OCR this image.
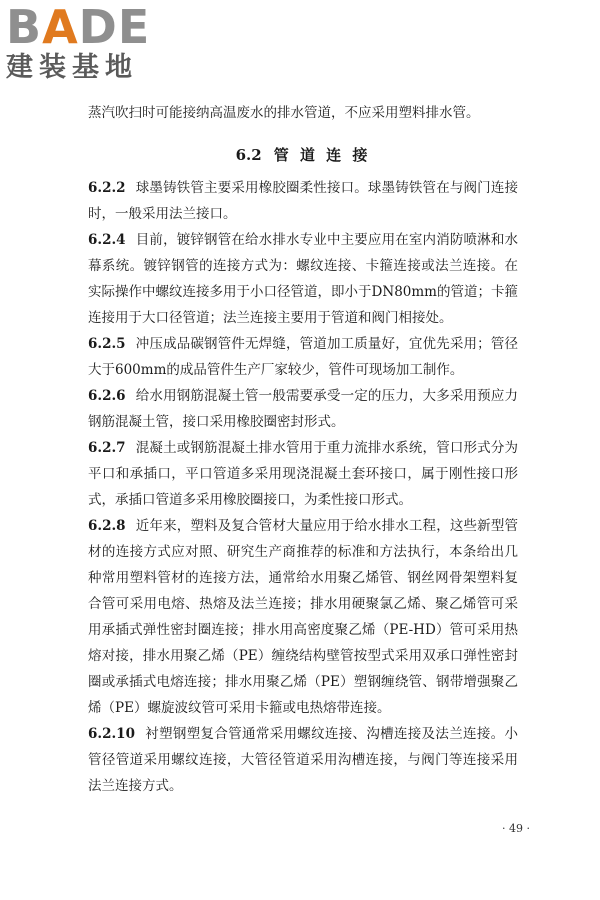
B A D E
建装基地

蒸汽吹扫时可能接纳高温废水的排水管道，不应采用塑料排水管。

6.2 管 道 连 接

6.2.2 球墨铸铁管主要采用橡胶圈柔性接口。球墨铸铁管在与阀门连接时，一般采用法兰接口。

6.2.4 目前，镀锌钢管在给水排水专业中主要应用在室内消防喷淋和水幕系统。镀锌钢管的连接方式为：螺纹连接、卡箍连接或法兰连接。在实际操作中螺纹连接多用于小口径管道，即小于DN80mm的管道；卡箍连接用于大口径管道；法兰连接主要用于管道和阀门相接处。

6.2.5 冲压成品碳钢管件无焊缝，管道加工质量好，宜优先采用；管径大于600mm的成品管件生产厂家较少，管件可现场加工制作。

6.2.6 给水用钢筋混凝土管一般需要承受一定的压力，大多采用预应力钢筋混凝土管，接口采用橡胶圈密封形式。

6.2.7 混凝土或钢筋混凝土排水管用于重力流排水系统，管口形式分为平口和承插口，平口管道多采用现浇混凝土套环接口，属于刚性接口形式，承插口管道多采用橡胶圈接口，为柔性接口形式。

6.2.8 近年来，塑料及复合管材大量应用于给水排水工程，这些新型管材的连接方式应对照、研究生产商推荐的标准和方法执行，本条给出几种常用塑料管材的连接方法，通常给水用聚乙烯管、钢丝网骨架塑料复合管可采用电熔、热熔及法兰连接；排水用硬聚氯乙烯、聚乙烯管可采用承插式弹性密封圈连接；排水用高密度聚乙烯（PE-HD）管可采用热熔对接，排水用聚乙烯（PE）缠绕结构壁管按型式采用双承口弹性密封圈或承插式电熔连接；排水用聚乙烯（PE）塑钢缠绕管、钢带增强聚乙烯（PE）螺旋波纹管可采用卡箍或电热熔带连接。

6.2.10 衬塑钢塑复合管通常采用螺纹连接、沟槽连接及法兰连接。小管径管道采用螺纹连接，大管径管道采用沟槽连接，与阀门等连接采用法兰连接方式。

· 49 ·
